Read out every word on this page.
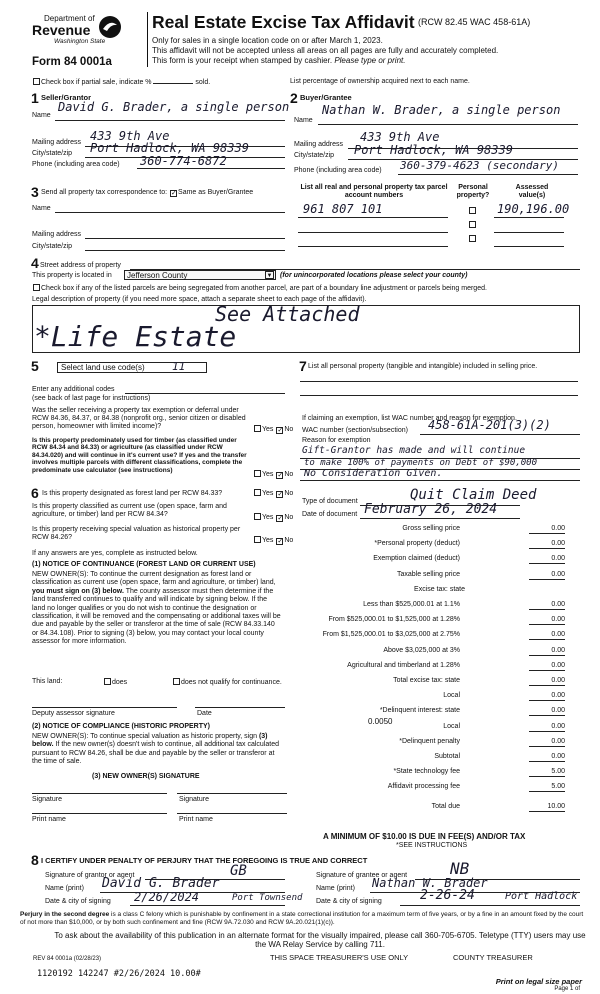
Department of
Revenue
Washington State
Form 84 0001a
Real Estate Excise Tax Affidavit (RCW 82.45 WAC 458-61A)
Only for sales in a single location code on or after March 1, 2023.
This affidavit will not be accepted unless all areas on all pages are fully and accurately completed.
This form is your receipt when stamped by cashier. Please type or print.
Check box if partial sale, indicate %	sold.	List percentage of ownership acquired next to each name.
1 Seller/Grantor
Name
David G. Brader, a single person
Mailing address 433 9th Ave
City/state/zip Port Hadlock, WA 98339
Phone (including area code) 360-774-6872
2 Buyer/Grantee
Name
Nathan W. Brader, a single person
Mailing address
433 9th Ave
City/state/zip Port Hadlock, WA 98339
Phone (including area code) 360-379-4623 (secondary)
3 Send all property tax correspondence to: ✓Same as Buyer/Grantee
Name
Mailing address
City/state/zip
List all real and personal property tax parcel account numbers
Personal property?
Assessed value(s)
961 807 101	190,196.00
4 Street address of property
This property is located in	Jefferson County	▼ (for unincorporated locations please select your county)
Check box if any of the listed parcels are being segregated from another parcel, are part of a boundary line adjustment or parcels being merged.
Legal description of property (if you need more space, attach a separate sheet to each page of the affidavit).
See Attached
*Life Estate
5	Select land use code(s) 11
Enter any additional codes
(see back of last page for instructions)
Was the seller receiving a property tax exemption or deferral under RCW 84.36, 84.37, or 84.38 (nonprofit org., senior citizen or disabled person, homeowner with limited income)?	Yes ✓No
Is this property predominately used for timber (as classified under RCW 84.34 and 84.33) or agriculture (as classified under RCW 84.34.020) and will continue in it's current use? If yes and the transfer involves multiple parcels with different classifications, complete the predominate use calculator (see instructions)
Yes ✓No
6 Is this property designated as forest land per RCW 84.33?	Yes ✓No
Is this property classified as current use (open space, farm and agriculture, or timber) land per RCW 84.34?	Yes ✓No
Is this property receiving special valuation as historical property per RCW 84.26?	Yes ✓No
If any answers are yes, complete as instructed below.
(1) NOTICE OF CONTINUANCE (FOREST LAND OR CURRENT USE)
NEW OWNER(S): To continue the current designation as forest land or classification as current use (open space, farm and agriculture, or timber) land, you must sign on (3) below. The county assessor must then determine if the land transferred continues to qualify and will indicate by signing below. If the land no longer qualifies or you do not wish to continue the designation or classification, it will be removed and the compensating or additional taxes will be due and payable by the seller or transferor at the time of sale (RCW 84.33.140 or 84.34.108). Prior to signing (3) below, you may contact your local county assessor for more information.
This land:	does	does not qualify for continuance.
Deputy assessor signature	Date
(2) NOTICE OF COMPLIANCE (HISTORIC PROPERTY)
NEW OWNER(S): To continue special valuation as historic property, sign (3) below. If the new owner(s) doesn't wish to continue, all additional tax calculated pursuant to RCW 84.26, shall be due and payable by the seller or transferor at the time of sale.
(3) NEW OWNER(S) SIGNATURE
Signature	Signature
Print name	Print name
7 List all personal property (tangible and intangible) included in selling price.
If claiming an exemption, list WAC number and reason for exemption.
WAC number (section/subsection) 458-61A-201(3)(2)
Reason for exemption
Gift-Grantor has made and will continue
to make 100% of payments on Debt of $90,000
No Consideration Given.
Type of document	Quit Claim Deed
Date of document February 26, 2024
Gross selling price	0.00
*Personal property (deduct)	0.00
Exemption claimed (deduct)	0.00
Taxable selling price	0.00
Excise tax: state
Less than $525,000.01 at 1.1%	0.00
From $525,000.01 to $1,525,000 at 1.28%	0.00
From $1,525,000.01 to $3,025,000 at 2.75%	0.00
Above $3,025,000 at 3%	0.00
Agricultural and timberland at 1.28%	0.00
Total excise tax: state	0.00
Local	0.00
*Delinquent interest: state	0.00
Local	0.00
*Delinquent penalty	0.00
Subtotal	0.00
*State technology fee	5.00
Affidavit processing fee	5.00
Total due	10.00
0.0050
A MINIMUM OF $10.00 IS DUE IN FEE(S) AND/OR TAX
*SEE INSTRUCTIONS
8 I CERTIFY UNDER PENALTY OF PERJURY THAT THE FOREGOING IS TRUE AND CORRECT
Signature of grantor or agent	GB
Name (print) David G. Brader
Date & city of signing 2/26/2024	Port Townsend
Signature of grantee or agent	NB
Name (print) Nathan W. Brader
Date & city of signing	2-26-24	Port Hadlock
Perjury in the second degree is a class C felony which is punishable by confinement in a state correctional institution for a maximum term of five years, or by a fine in an amount fixed by the court of not more than $10,000, or by both such confinement and fine (RCW 9A.72.030 and RCW 9A.20.021(1)(c)).
To ask about the availability of this publication in an alternate format for the visually impaired, please call 360-705-6705. Teletype (TTY) users may use the WA Relay Service by calling 711.
REV 84 0001a (02/28/23)	THIS SPACE TREASURER'S USE ONLY	COUNTY TREASURER
1120192 142247 #2/26/2024 10.00#
Print on legal size paper
Page 1 of
